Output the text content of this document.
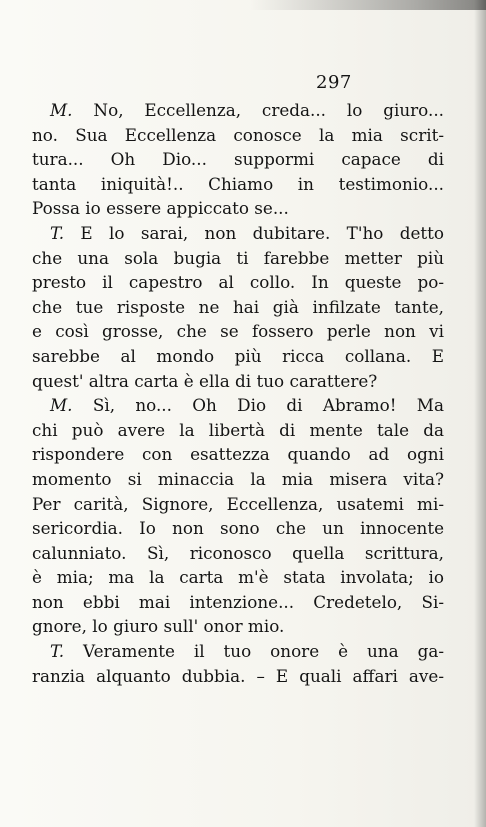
297
M. No, Eccellenza, creda... lo giuro...
no. Sua Eccellenza conosce la mia scrit-
tura... Oh Dio... suppormi capace di
tanta iniquità!.. Chiamo in testimonio...
Possa io essere appiccato se...
T. E lo sarai, non dubitare. T'ho detto
che una sola bugia ti farebbe metter più
presto il capestro al collo. In queste po-
che tue risposte ne hai già infilzate tante,
e così grosse, che se fossero perle non vi
sarebbe al mondo più ricca collana. E
quest' altra carta è ella di tuo carattere?
M. Sì, no... Oh Dio di Abramo! Ma
chi può avere la libertà di mente tale da
rispondere con esattezza quando ad ogni
momento si minaccia la mia misera vita?
Per carità, Signore, Eccellenza, usatemi mi-
sericordia. Io non sono che un innocente
calunniato. Sì, riconosco quella scrittura,
è mia; ma la carta m'è stata involata; io
non ebbi mai intenzione... Credetelo, Si-
gnore, lo giuro sull' onor mio.
T. Veramente il tuo onore è una ga-
ranzia alquanto dubbia. – E quali affari ave-
